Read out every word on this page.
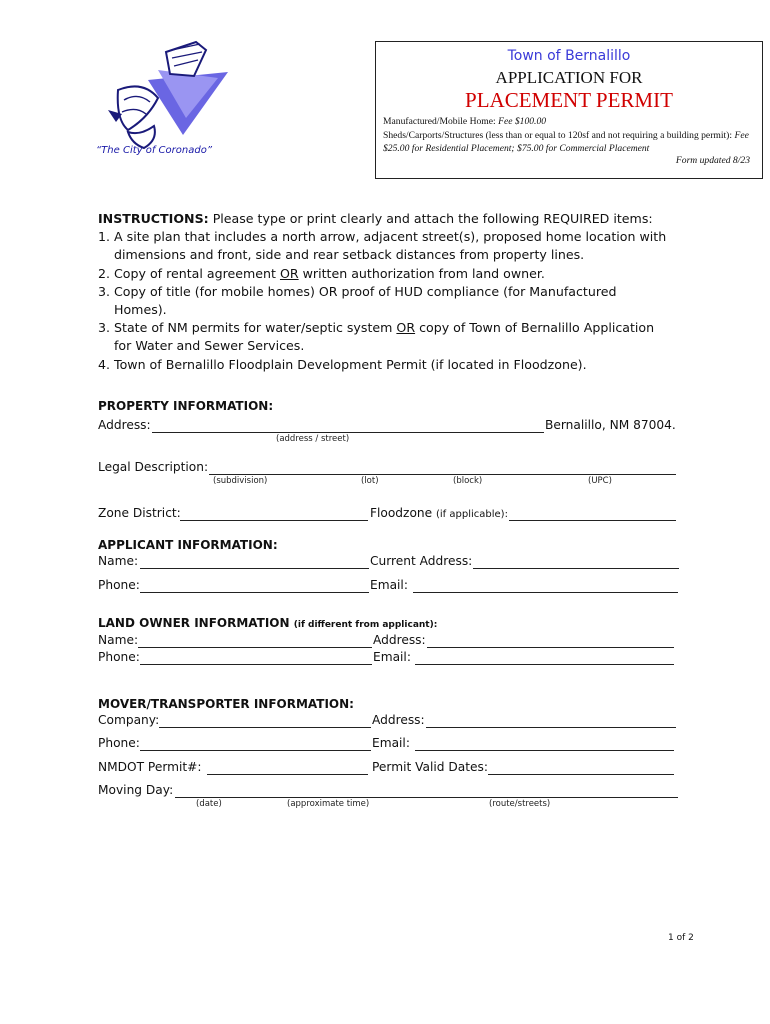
“The City of Coronado”
Town of Bernalillo
APPLICATION FOR
PLACEMENT PERMIT
Manufactured/Mobile Home: Fee $100.00
Sheds/Carports/Structures (less than or equal to 120sf and not requiring a building permit): Fee $25.00 for Residential Placement; $75.00 for Commercial Placement
Form updated 8/23

INSTRUCTIONS: Please type or print clearly and attach the following REQUIRED items:

1. A site plan that includes a north arrow, adjacent street(s), proposed home location with

dimensions and front, side and rear setback distances from property lines.

2. Copy of rental agreement OR written authorization from land owner.

3. Copy of title (for mobile homes) OR proof of HUD compliance (for Manufactured

Homes).

3. State of NM permits for water/septic system OR copy of Town of Bernalillo Application

for Water and Sewer Services.

4. Town of Bernalillo Floodplain Development Permit (if located in Floodzone).

PROPERTY INFORMATION:
Address:	Bernalillo, NM 87004.
(address / street)
Legal Description:
(subdivision)	(lot)	(block)	(UPC)
Zone District:	Floodzone (if applicable):
APPLICANT INFORMATION:
Name:	Current Address:
Phone:	Email:
LAND OWNER INFORMATION (if different from applicant):
Name:	Address:
Phone:	Email:
MOVER/TRANSPORTER INFORMATION:
Company:	Address:
Phone:	Email:
NMDOT Permit#:	Permit Valid Dates:
Moving Day:
(date)	(approximate time)	(route/streets)
1 of 2
